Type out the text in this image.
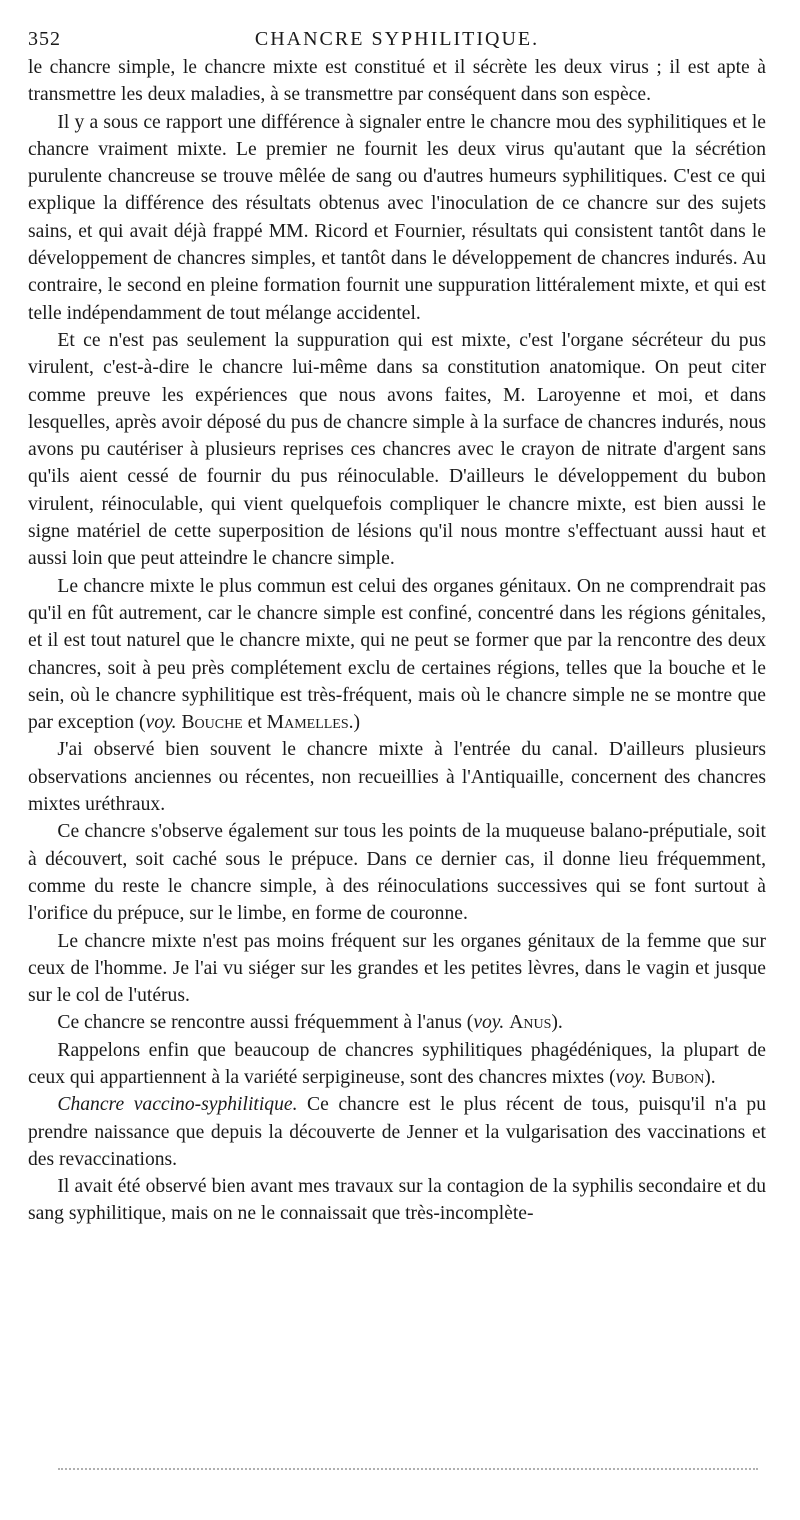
352	CHANCRE SYPHILITIQUE.

le chancre simple, le chancre mixte est constitué et il sécrète les deux virus ; il est apte à transmettre les deux maladies, à se transmettre par conséquent dans son espèce.

Il y a sous ce rapport une différence à signaler entre le chancre mou des syphilitiques et le chancre vraiment mixte. Le premier ne fournit les deux virus qu'autant que la sécrétion purulente chancreuse se trouve mêlée de sang ou d'autres humeurs syphilitiques. C'est ce qui explique la différence des résultats obtenus avec l'inoculation de ce chancre sur des sujets sains, et qui avait déjà frappé MM. Ricord et Fournier, résultats qui consistent tantôt dans le développement de chancres simples, et tantôt dans le développement de chancres indurés. Au contraire, le second en pleine formation fournit une suppuration littéralement mixte, et qui est telle indépendamment de tout mélange accidentel.

Et ce n'est pas seulement la suppuration qui est mixte, c'est l'organe sécréteur du pus virulent, c'est-à-dire le chancre lui-même dans sa constitution anatomique. On peut citer comme preuve les expériences que nous avons faites, M. Laroyenne et moi, et dans lesquelles, après avoir déposé du pus de chancre simple à la surface de chancres indurés, nous avons pu cautériser à plusieurs reprises ces chancres avec le crayon de nitrate d'argent sans qu'ils aient cessé de fournir du pus réinoculable. D'ailleurs le développement du bubon virulent, réinoculable, qui vient quelquefois compliquer le chancre mixte, est bien aussi le signe matériel de cette superposition de lésions qu'il nous montre s'effectuant aussi haut et aussi loin que peut atteindre le chancre simple.

Le chancre mixte le plus commun est celui des organes génitaux. On ne comprendrait pas qu'il en fût autrement, car le chancre simple est confiné, concentré dans les régions génitales, et il est tout naturel que le chancre mixte, qui ne peut se former que par la rencontre des deux chancres, soit à peu près complétement exclu de certaines régions, telles que la bouche et le sein, où le chancre syphilitique est très-fréquent, mais où le chancre simple ne se montre que par exception (voy. Bouche et Mamelles.)

J'ai observé bien souvent le chancre mixte à l'entrée du canal. D'ailleurs plusieurs observations anciennes ou récentes, non recueillies à l'Antiquaille, concernent des chancres mixtes uréthraux.

Ce chancre s'observe également sur tous les points de la muqueuse balano-préputiale, soit à découvert, soit caché sous le prépuce. Dans ce dernier cas, il donne lieu fréquemment, comme du reste le chancre simple, à des réinoculations successives qui se font surtout à l'orifice du prépuce, sur le limbe, en forme de couronne.

Le chancre mixte n'est pas moins fréquent sur les organes génitaux de la femme que sur ceux de l'homme. Je l'ai vu siéger sur les grandes et les petites lèvres, dans le vagin et jusque sur le col de l'utérus.

Ce chancre se rencontre aussi fréquemment à l'anus (voy. Anus).

Rappelons enfin que beaucoup de chancres syphilitiques phagédéniques, la plupart de ceux qui appartiennent à la variété serpigineuse, sont des chancres mixtes (voy. Bubon).

Chancre vaccino-syphilitique. Ce chancre est le plus récent de tous, puisqu'il n'a pu prendre naissance que depuis la découverte de Jenner et la vulgarisation des vaccinations et des revaccinations.

Il avait été observé bien avant mes travaux sur la contagion de la syphilis secondaire et du sang syphilitique, mais on ne le connaissait que très-incomplète-
